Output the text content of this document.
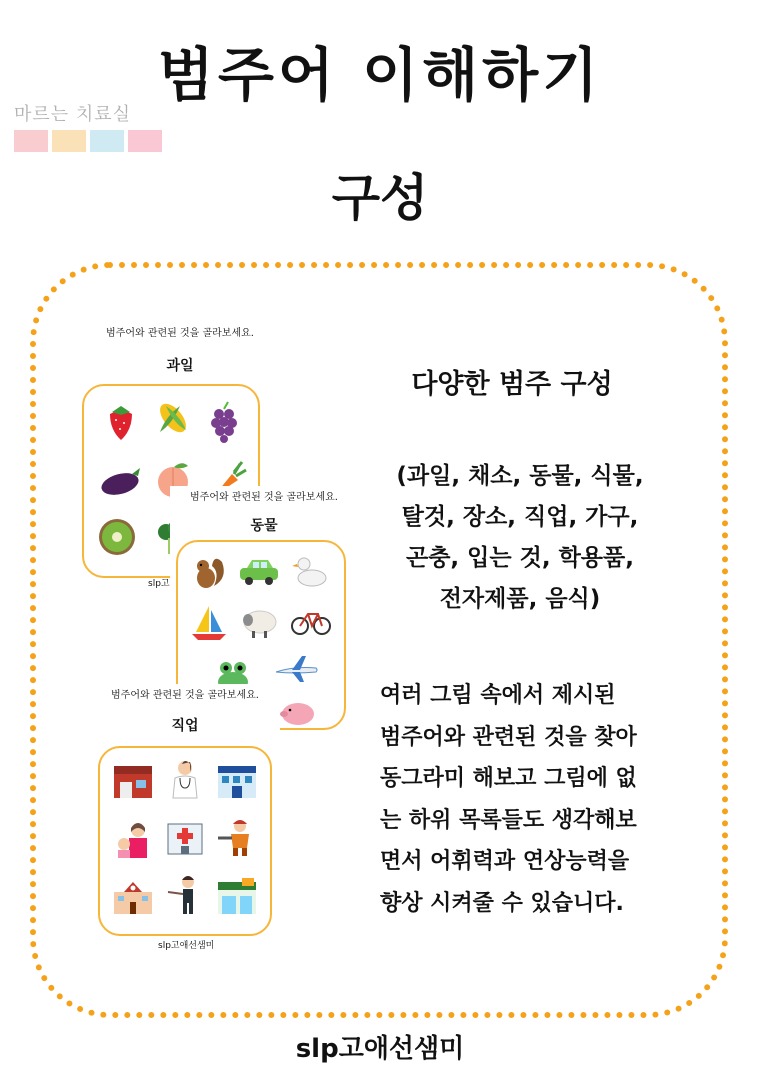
범주어 이해하기
마르는 치료실
구성
범주어와 관련된 것을 골라보세요.
과일
slp고
범주어와 관련된 것을 골라보세요.
동물
범주어와 관련된 것을 골라보세요.
직업
slp고애선샘미
다양한 범주 구성
(과일, 채소, 동물, 식물,
탈것, 장소, 직업, 가구,
곤충, 입는 것, 학용품,
전자제품, 음식)
여러 그림 속에서 제시된
범주어와 관련된 것을 찾아
동그라미 해보고 그림에 없
는 하위 목록들도 생각해보
면서 어휘력과 연상능력을
향상 시켜줄 수 있습니다.
slp고애선샘미
